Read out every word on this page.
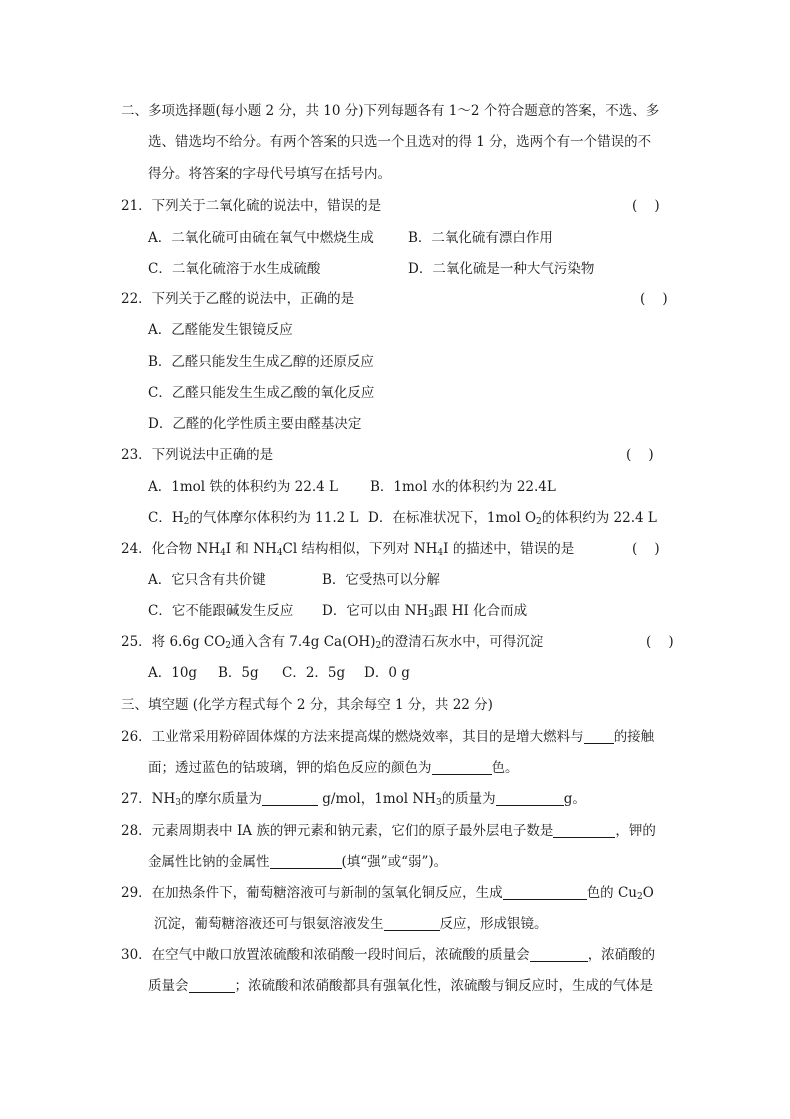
二、多项选择题(每小题 2 分，共 10 分)下列每题各有 1～2 个符合题意的答案，不选、多
选、错选均不给分。有两个答案的只选一个且选对的得 1 分，选两个有一个错误的不
得分。将答案的字母代号填写在括号内。
21．下列关于二氧化硫的说法中，错误的是	(    )
A．二氧化硫可由硫在氧气中燃烧生成	B．二氧化硫有漂白作用
C．二氧化硫溶于水生成硫酸	D．二氧化硫是一种大气污染物
22．下列关于乙醛的说法中，正确的是	(    )
A．乙醛能发生银镜反应
B．乙醛只能发生生成乙醇的还原反应
C．乙醛只能发生生成乙酸的氧化反应
D．乙醛的化学性质主要由醛基决定
23．下列说法中正确的是	(    )
A．1mol 铁的体积约为 22.4 L B．1mol 水的体积约为 22.4L
C．$H_2$的气体摩尔体积约为 11.2 L D．在标准状况下，1mol $O_2$的体积约为 22.4 L
24．化合物 $NH_4I$ 和 $NH_4Cl$ 结构相似，下列对 $NH_4I$ 的描述中，错误的是	(    )
A．它只含有共价键	B．它受热可以分解
C．它不能跟碱发生反应 D．它可以由 $NH_3$跟 HI 化合而成
25．将 6.6g $CO_2$通入含有 7.4g $Ca(OH)_2$的澄清石灰水中，可得沉淀	(    )
A．10g B．5g C．2．5g D．0 g
三、填空题 (化学方程式每个 2 分，其余每空 1 分，共 22 分)
26．工业常采用粉碎固体煤的方法来提高煤的燃烧效率，其目的是增大燃料与 的接触
面；透过蓝色的钴玻璃，钾的焰色反应的颜色为	色。
27．$NH_3$的摩尔质量为	g/mol，1mol $NH_3$的质量为	g。
28．元素周期表中 IA 族的钾元素和钠元素，它们的原子最外层电子数是	，钾的
金属性比钠的金属性	(填“强”或“弱”)。
29．在加热条件下，葡萄糖溶液可与新制的氢氧化铜反应，生成	色的 $Cu_2O$
沉淀，葡萄糖溶液还可与银氨溶液发生	反应，形成银镜。
30．在空气中敞口放置浓硫酸和浓硝酸一段时间后，浓硫酸的质量会	，浓硝酸的
质量会	；浓硫酸和浓硝酸都具有强氧化性，浓硫酸与铜反应时，生成的气体是
